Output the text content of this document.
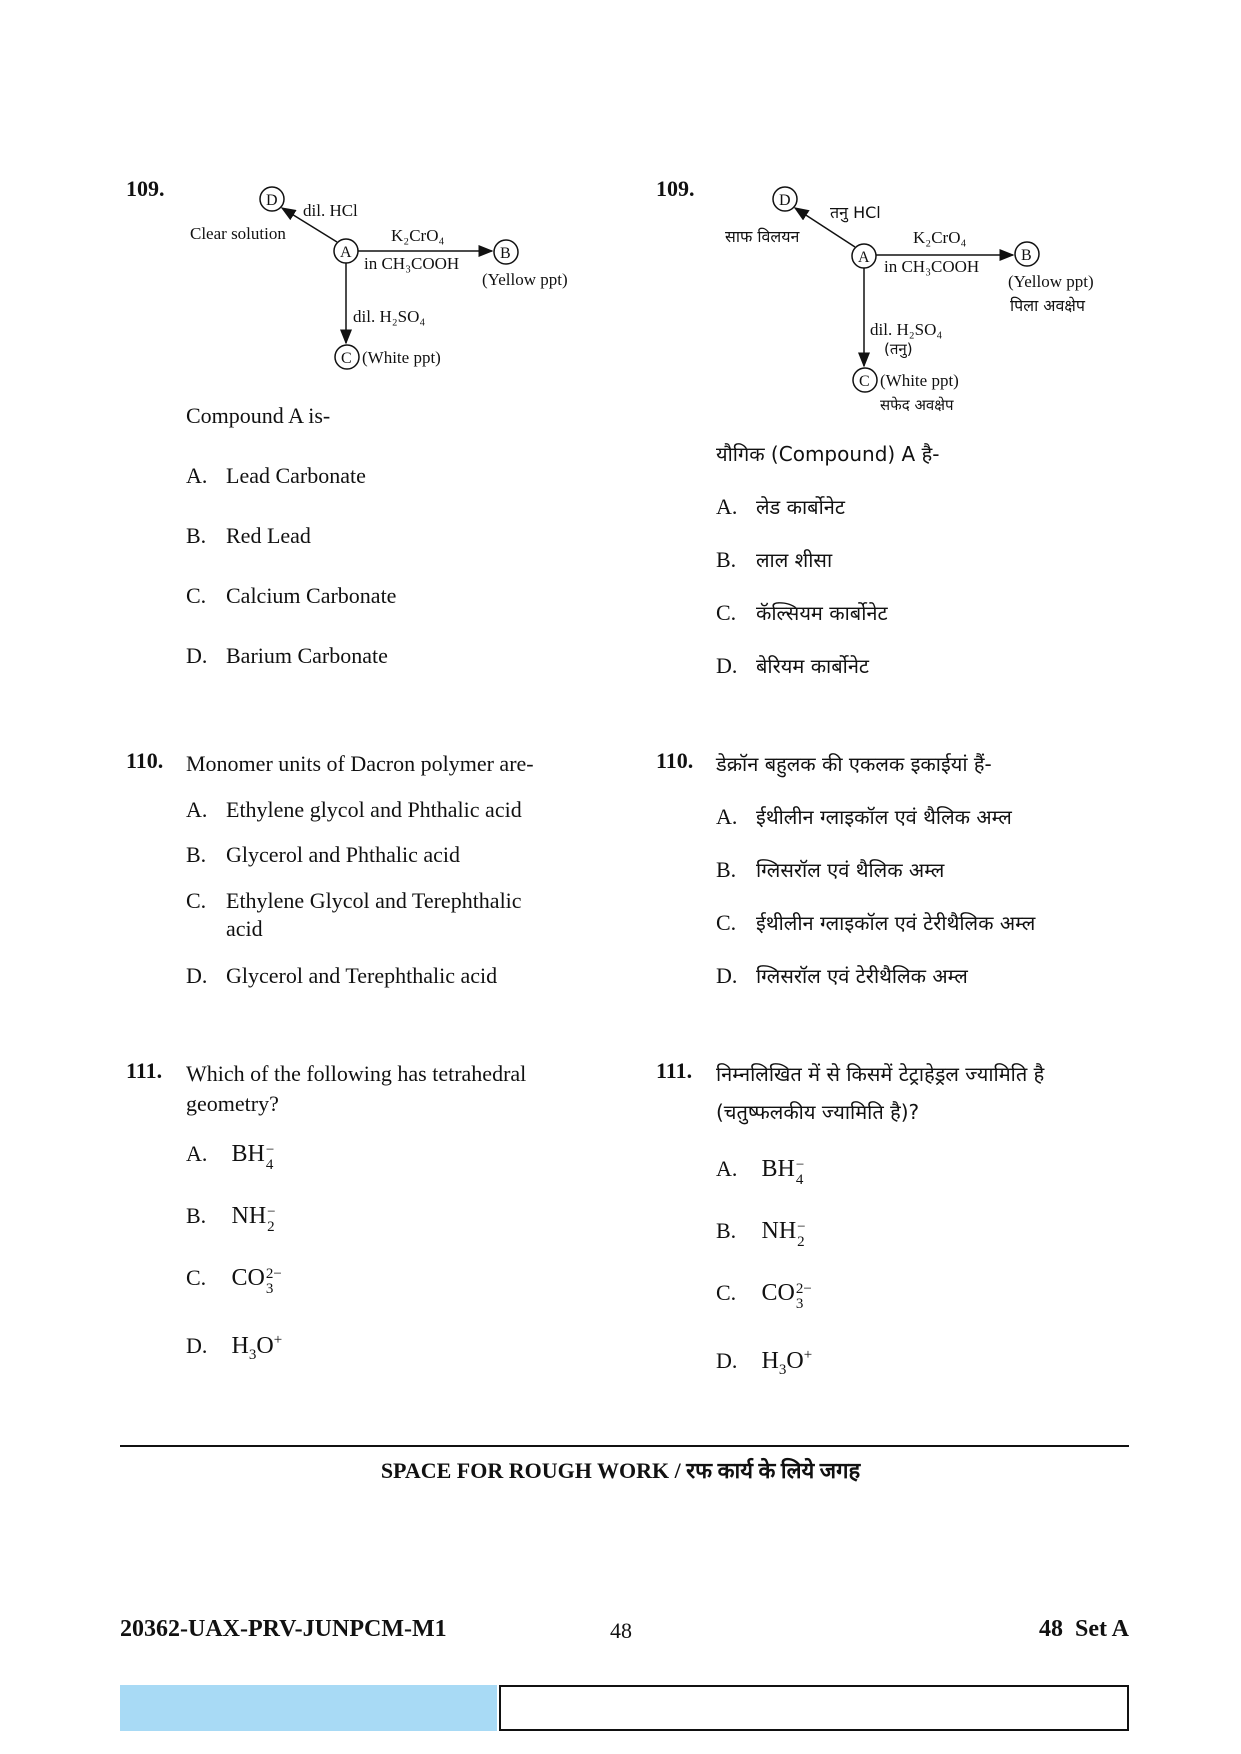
109.	D
A	B
C
dil. HCl
Clear solution	K₂CrO₄
in CH₃COOH
(Yellow ppt)
dil. H₂SO₄
(White ppt)
Compound A is-
A. Lead Carbonate
B. Red Lead
C. Calcium Carbonate
D. Barium Carbonate
109.	D
A	B
C
तनु HCl
साफ विलयन	K₂CrO₄
in CH₃COOH
(Yellow ppt)
पिला अवक्षेप
dil. H₂SO₄
(तनु)
(White ppt)
सफेद अवक्षेप
यौगिक (Compound) A है-
A. लेड कार्बोनेट
B. लाल शीसा
C. कॅल्सियम कार्बोनेट
D. बेरियम कार्बोनेट
110. Monomer units of Dacron polymer are-
A. Ethylene glycol and Phthalic acid
B. Glycerol and Phthalic acid
C. Ethylene Glycol and Terephthalic
acid
D. Glycerol and Terephthalic acid
110. डेक्रॉन बहुलक की एकलक इकाईयां हैं-
A. ईथीलीन ग्लाइकॉल एवं थैलिक अम्ल
B. ग्लिसरॉल एवं थैलिक अम्ल
C. ईथीलीन ग्लाइकॉल एवं टेरीथैलिक अम्ल
D. ग्लिसरॉल एवं टेरीथैलिक अम्ल
111. Which of the following has tetrahedral
geometry?
A. BH −
4
B. NH −
2
C. CO 2−
3
D. $H_3O^+$
111. निम्नलिखित में से किसमें टेट्राहेड्रल ज्यामिति है
(चतुष्फलकीय ज्यामिति है)?
A. BH −
4
B. NH −
2
C. CO 2−
3
D. $H_3O^+$
SPACE FOR ROUGH WORK / रफ कार्य के लिये जगह
20362-UAX-PRV-JUNPCM-M1	48	48 Set A
